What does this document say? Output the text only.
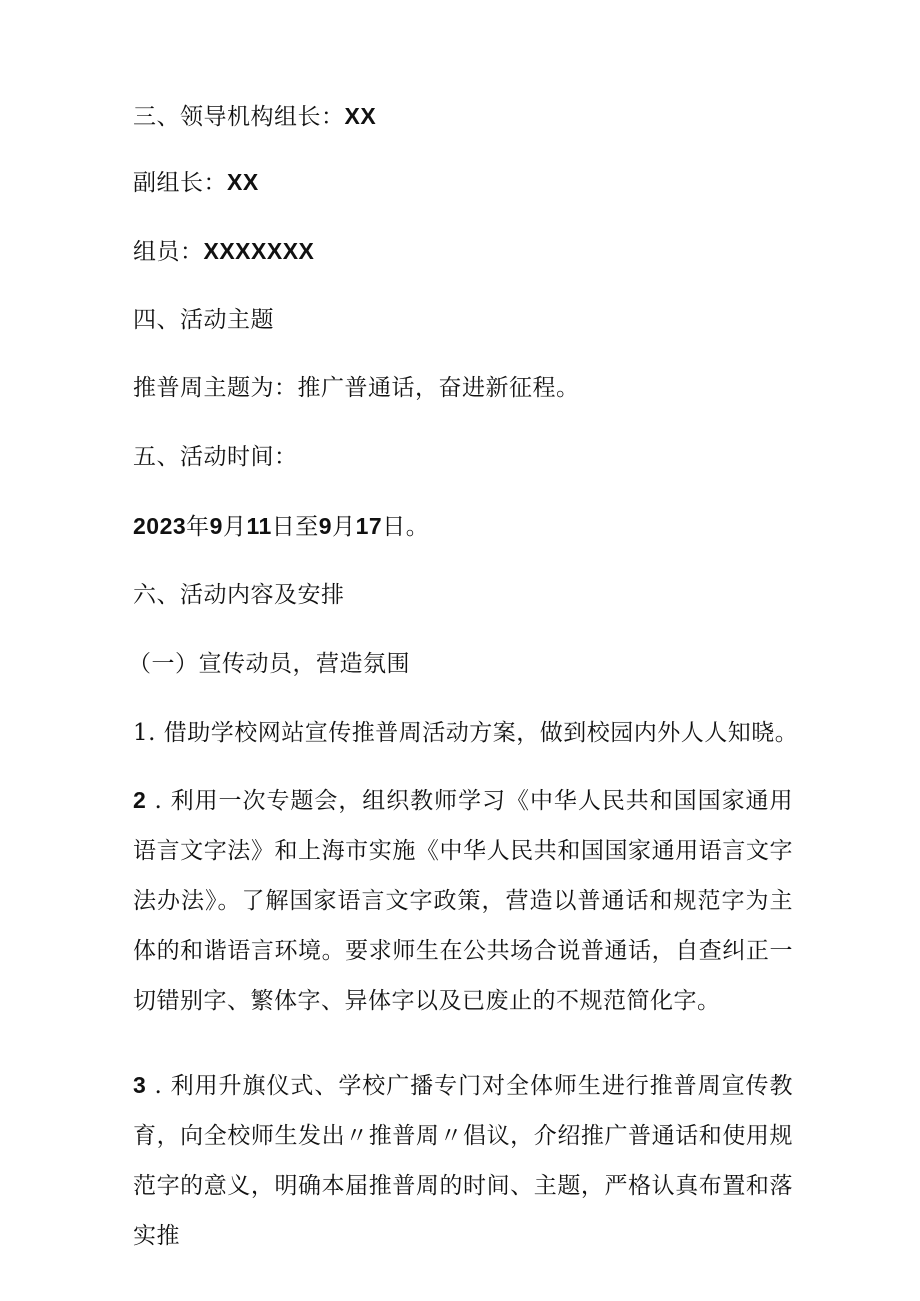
三、领导机构组长：XX
副组长：XX
组员：XXXXXXX
四、活动主题
推普周主题为：推广普通话，奋进新征程。
五、活动时间：
2023年9月11日至9月17日。
六、活动内容及安排
（一）宣传动员，营造氛围
1. 借助学校网站宣传推普周活动方案，做到校园内外人人知晓。
2 . 利用一次专题会，组织教师学习《中华人民共和国国家通用语言文字法》和上海市实施《中华人民共和国国家通用语言文字法办法》。了解国家语言文字政策，营造以普通话和规范字为主体的和谐语言环境。要求师生在公共场合说普通话，自查纠正一切错别字、繁体字、异体字以及已废止的不规范简化字。
3 . 利用升旗仪式、学校广播专门对全体师生进行推普周宣传教育，向全校师生发出〃推普周〃倡议，介绍推广普通话和使用规范字的意义，明确本届推普周的时间、主题，严格认真布置和落实推
